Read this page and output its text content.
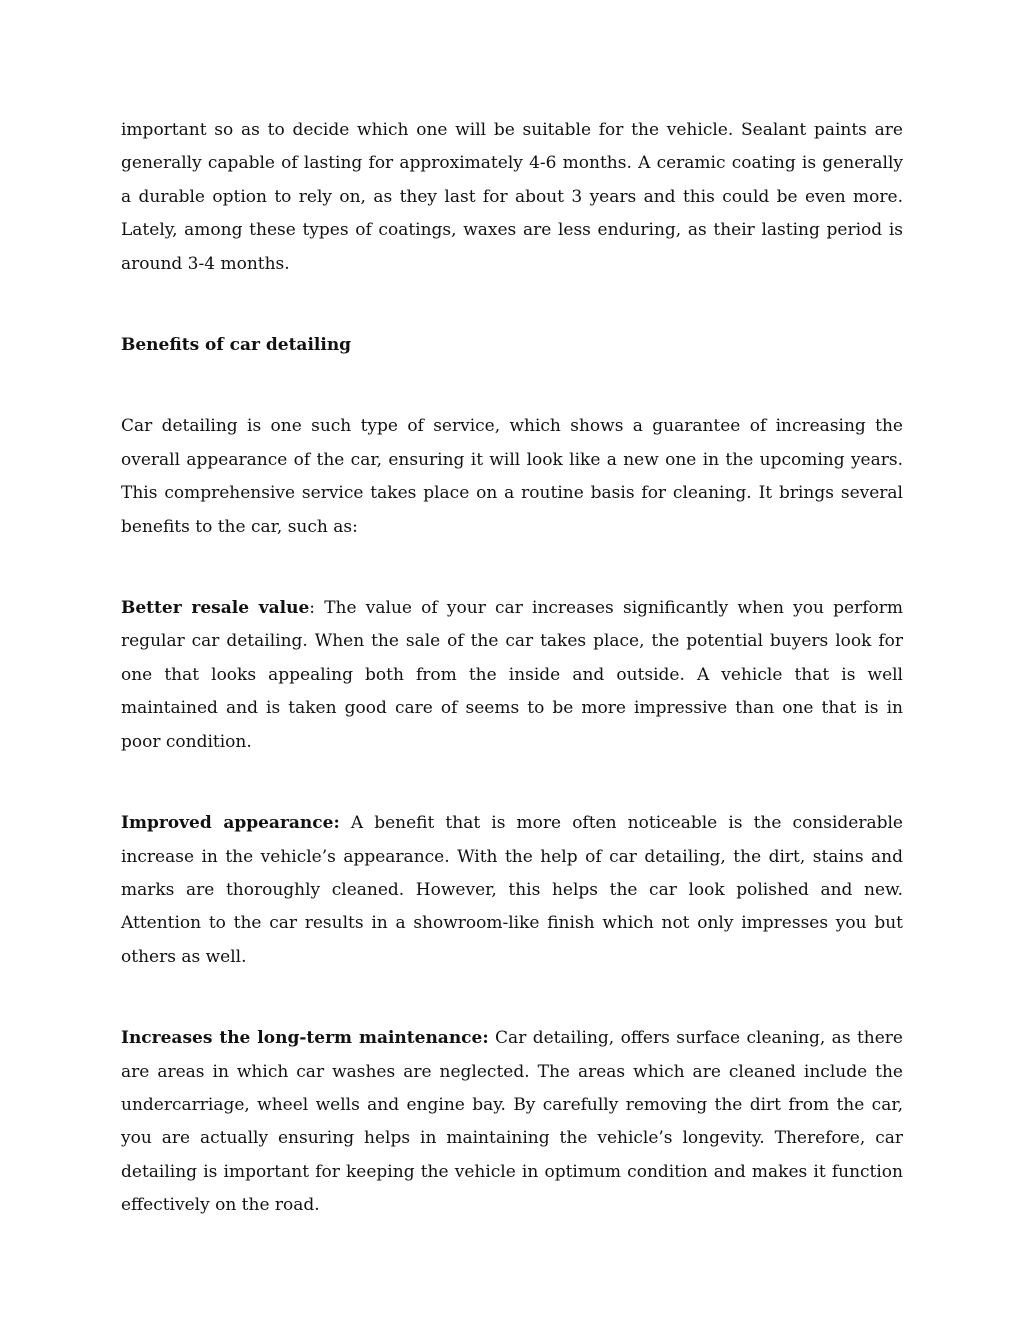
important so as to decide which one will be suitable for the vehicle. Sealant paints are generally capable of lasting for approximately 4-6 months. A ceramic coating is generally a durable option to rely on, as they last for about 3 years and this could be even more. Lately, among these types of coatings, waxes are less enduring, as their lasting period is around 3-4 months.

Benefits of car detailing

Car detailing is one such type of service, which shows a guarantee of increasing the overall appearance of the car, ensuring it will look like a new one in the upcoming years. This comprehensive service takes place on a routine basis for cleaning. It brings several benefits to the car, such as:

Better resale value: The value of your car increases significantly when you perform regular car detailing. When the sale of the car takes place, the potential buyers look for one that looks appealing both from the inside and outside. A vehicle that is well maintained and is taken good care of seems to be more impressive than one that is in poor condition.

Improved appearance: A benefit that is more often noticeable is the considerable increase in the vehicle’s appearance. With the help of car detailing, the dirt, stains and marks are thoroughly cleaned. However, this helps the car look polished and new. Attention to the car results in a showroom-like finish which not only impresses you but others as well.

Increases the long-term maintenance: Car detailing, offers surface cleaning, as there are areas in which car washes are neglected. The areas which are cleaned include the undercarriage, wheel wells and engine bay. By carefully removing the dirt from the car, you are actually ensuring helps in maintaining the vehicle’s longevity. Therefore, car detailing is important for keeping the vehicle in optimum condition and makes it function effectively on the road.
